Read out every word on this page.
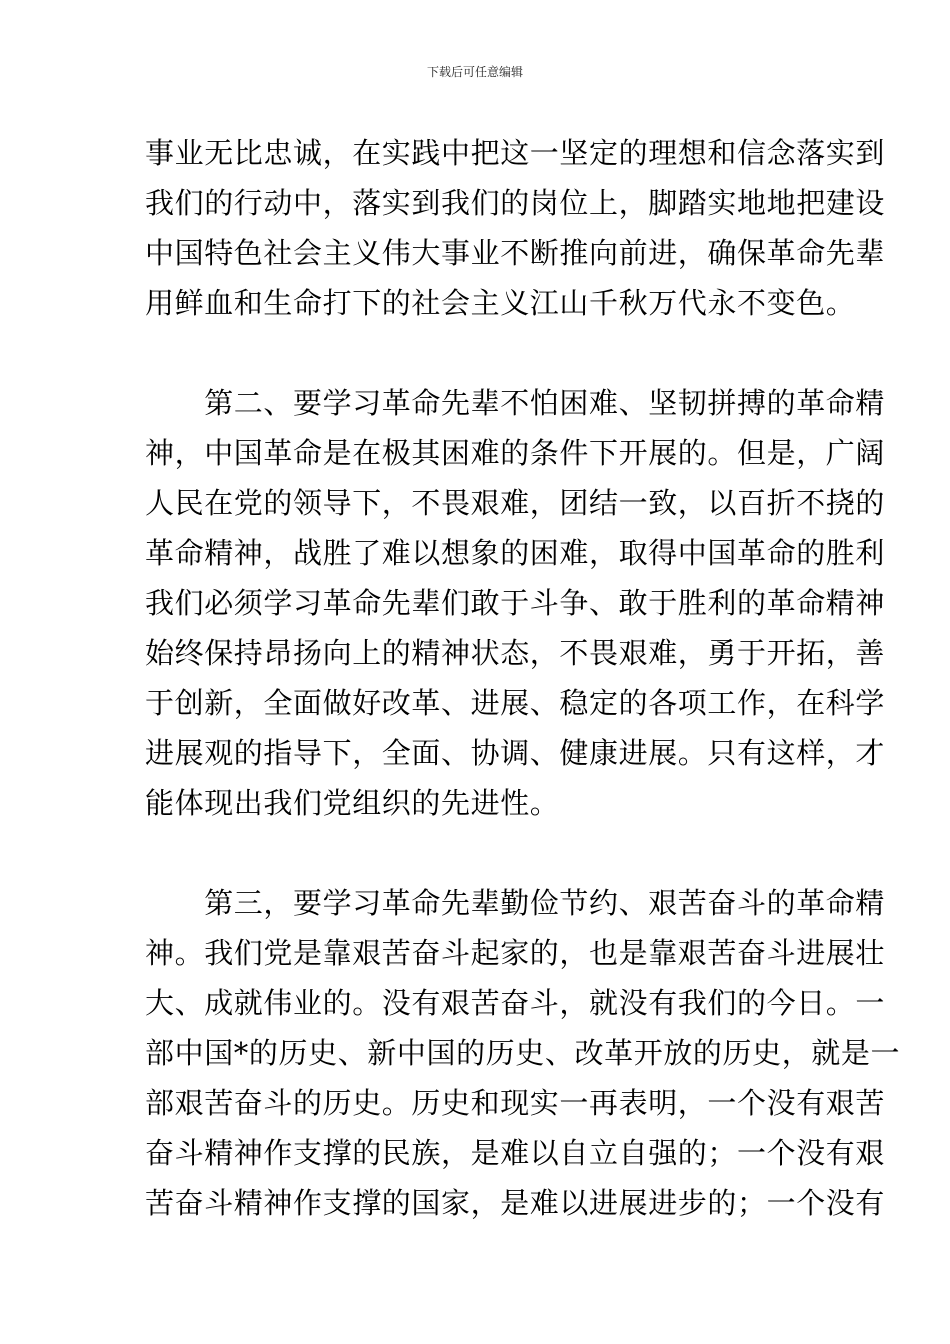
下载后可任意编辑
事业无比忠诚，在实践中把这一坚定的理想和信念落实到
我们的行动中，落实到我们的岗位上，脚踏实地地把建设
中国特色社会主义伟大事业不断推向前进，确保革命先辈
用鲜血和生命打下的社会主义江山千秋万代永不变色。
　　第二、要学习革命先辈不怕困难、坚韧拼搏的革命精
神，中国革命是在极其困难的条件下开展的。但是，广阔
人民在党的领导下，不畏艰难，团结一致，以百折不挠的
革命精神，战胜了难以想象的困难，取得中国革命的胜利
我们必须学习革命先辈们敢于斗争、敢于胜利的革命精神
始终保持昂扬向上的精神状态，不畏艰难，勇于开拓，善
于创新，全面做好改革、进展、稳定的各项工作，在科学
进展观的指导下，全面、协调、健康进展。只有这样，才
能体现出我们党组织的先进性。
　　第三，要学习革命先辈勤俭节约、艰苦奋斗的革命精
神。我们党是靠艰苦奋斗起家的，也是靠艰苦奋斗进展壮
大、成就伟业的。没有艰苦奋斗，就没有我们的今日。一
部中国*的历史、新中国的历史、改革开放的历史，就是一
部艰苦奋斗的历史。历史和现实一再表明，一个没有艰苦
奋斗精神作支撑的民族，是难以自立自强的；一个没有艰
苦奋斗精神作支撑的国家，是难以进展进步的；一个没有
